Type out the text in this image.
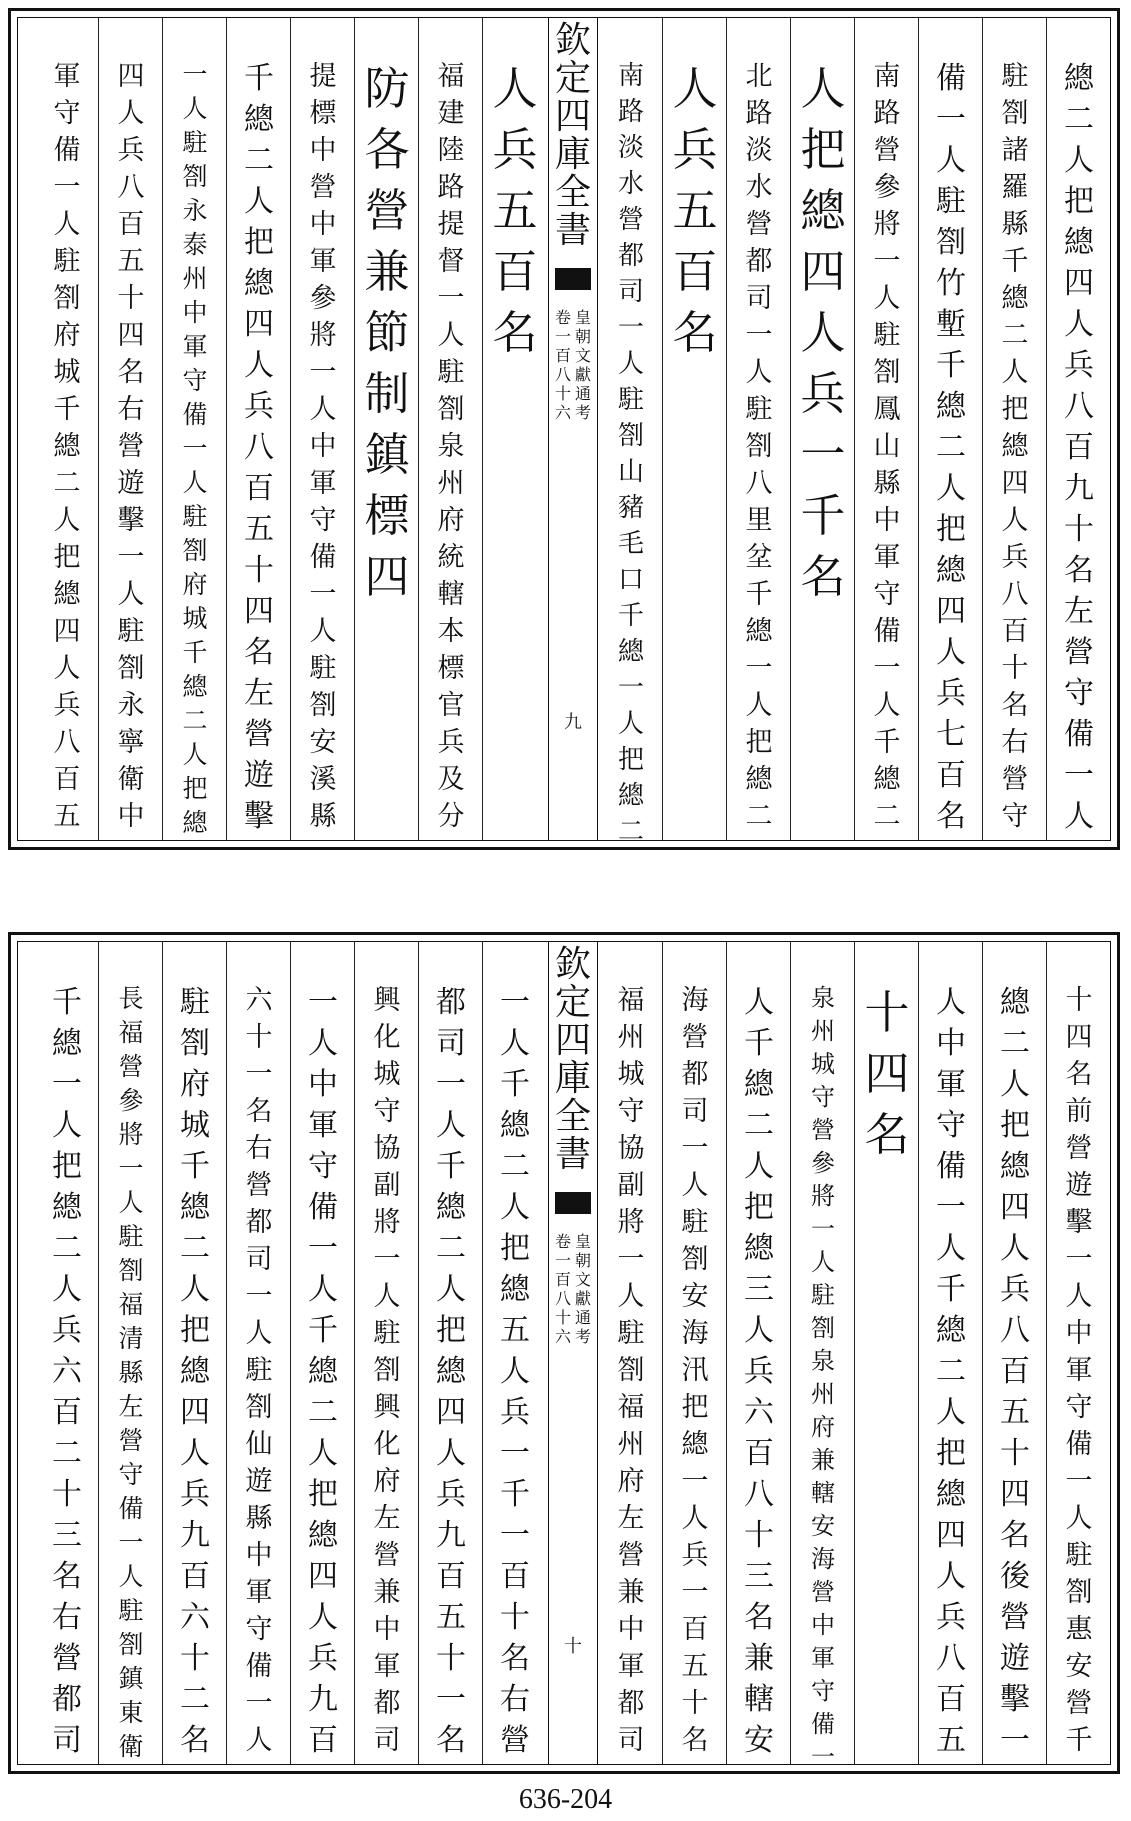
總
二
人
把
總
四
人
兵
八
百
九
十
名
左
營
守
備
一
人
駐
劄
諸
羅
縣
千
總
二
人
把
總
四
人
兵
八
百
十
名
右
營
守
備
一
人
駐
劄
竹
塹
千
總
二
人
把
總
四
人
兵
七
百
名
南
路
營
參
將
一
人
駐
劄
鳳
山
縣
中
軍
守
備
一
人
千
總
二
人
把
總
四
人
兵
一
千
名
北
路
淡
水
營
都
司
一
人
駐
劄
八
里
坌
千
總
一
人
把
總
二
人
兵
五
百
名
南
路
淡
水
營
都
司
一
人
駐
劄
山
豬
毛
口
千
總
一
人
把
總
二
欽
定
四
庫
全
書
皇
朝
文
獻
通
考
卷
一
百
八
十
六
九
人
兵
五
百
名
福
建
陸
路
提
督
一
人
駐
劄
泉
州
府
統
轄
本
標
官
兵
及
分
防
各
營
兼
節
制
鎮
標
四
提
標
中
營
中
軍
參
將
一
人
中
軍
守
備
一
人
駐
劄
安
溪
縣
千
總
二
人
把
總
四
人
兵
八
百
五
十
四
名
左
營
遊
擊
一
人
駐
劄
永
泰
州
中
軍
守
備
一
人
駐
劄
府
城
千
總
二
人
把
總
四
人
兵
八
百
五
十
四
名
右
營
遊
擊
一
人
駐
劄
永
寧
衛
中
軍
守
備
一
人
駐
劄
府
城
千
總
二
人
把
總
四
人
兵
八
百
五
十
四
名
前
營
遊
擊
一
人
中
軍
守
備
一
人
駐
劄
惠
安
營
千
總
二
人
把
總
四
人
兵
八
百
五
十
四
名
後
營
遊
擊
一
人
中
軍
守
備
一
人
千
總
二
人
把
總
四
人
兵
八
百
五
十
四
名
泉
州
城
守
營
參
將
一
人
駐
劄
泉
州
府
兼
轄
安
海
營
中
軍
守
備
一
人
千
總
二
人
把
總
三
人
兵
六
百
八
十
三
名
兼
轄
安
海
營
都
司
一
人
駐
劄
安
海
汛
把
總
一
人
兵
一
百
五
十
名
福
州
城
守
協
副
將
一
人
駐
劄
福
州
府
左
營
兼
中
軍
都
司
欽
定
四
庫
全
書
皇
朝
文
獻
通
考
卷
一
百
八
十
六
十
一
人
千
總
二
人
把
總
五
人
兵
一
千
一
百
十
名
右
營
都
司
一
人
千
總
二
人
把
總
四
人
兵
九
百
五
十
一
名
興
化
城
守
協
副
將
一
人
駐
劄
興
化
府
左
營
兼
中
軍
都
司
一
人
中
軍
守
備
一
人
千
總
二
人
把
總
四
人
兵
九
百
六
十
一
名
右
營
都
司
一
人
駐
劄
仙
遊
縣
中
軍
守
備
一
人
駐
劄
府
城
千
總
二
人
把
總
四
人
兵
九
百
六
十
二
名
長
福
營
參
將
一
人
駐
劄
福
清
縣
左
營
守
備
一
人
駐
劄
鎮
東
衛
千
總
一
人
把
總
二
人
兵
六
百
二
十
三
名
右
營
都
司
636-204
